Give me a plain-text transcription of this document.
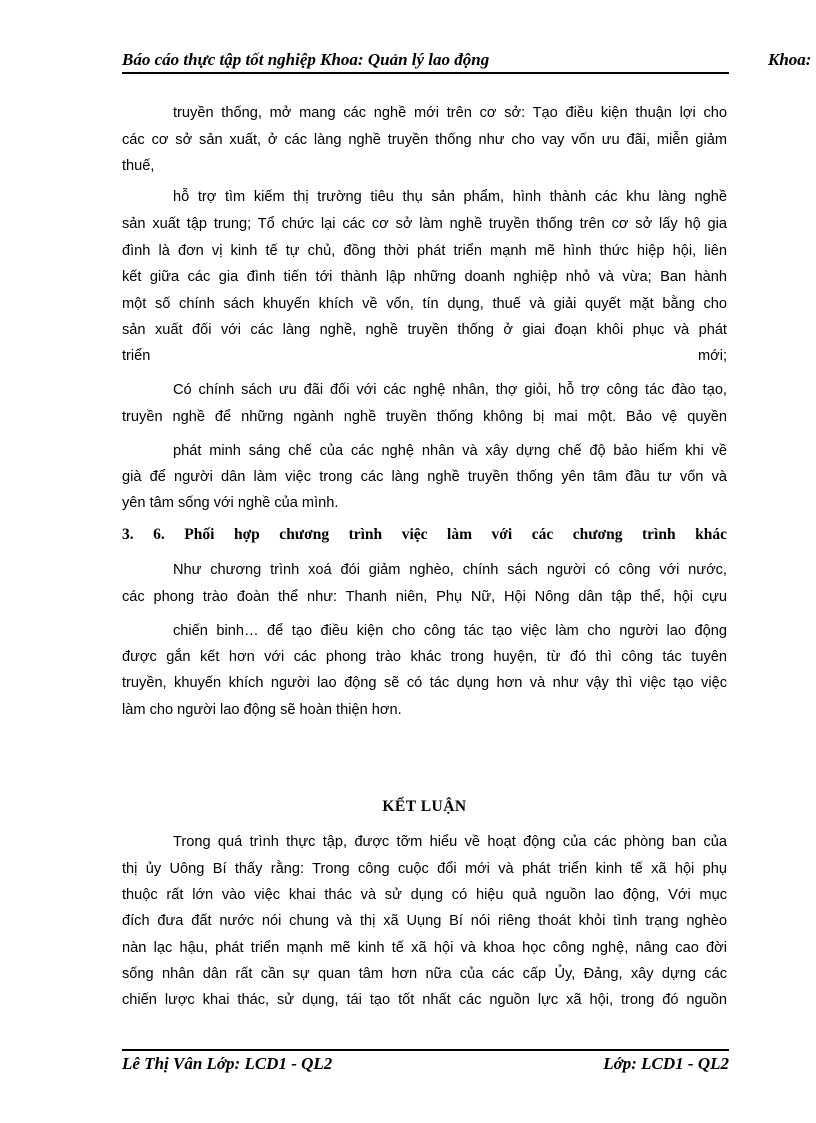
Báo cáo thực tập tốt nghiệp Khoa: Quản lý lao động	Khoa:
truyền thống, mở mang các nghề mới trên cơ sở: Tạo điều kiện thuận lợi cho
các cơ sở sản xuất, ở các làng nghề truyền thống như cho vay vốn ưu đãi, miễn giảm
thuế,
hỗ trợ tìm kiếm thị trường tiêu thụ sản phẩm, hình thành các khu làng nghề
sản xuất tập trung; Tổ chức lại các cơ sở làm nghề truyền thống trên cơ sở lấy hộ gia
đình là đơn vị kinh tế tự chủ, đồng thời phát triển mạnh mẽ hình thức hiệp hội, liên
kết giữa các gia đình tiến tới thành lập những doanh nghiệp nhỏ và vừa; Ban hành
một số chính sách khuyến khích về vốn, tín dụng, thuế và giải quyết mặt bằng cho
sản xuất đối với các làng nghề, nghề truyền thống ở giai đoạn khôi phục và phát
triển	mới;
Có chính sách ưu đãi đối với các nghệ nhân, thợ giỏi, hỗ trợ công tác đào tạo,
truyền nghề để những ngành nghề truyền thống không bị mai một. Bảo vệ quyền
phát minh sáng chế của các nghệ nhân và xây dựng chế độ bảo hiểm khi về
già để người dân làm việc trong các làng nghề truyền thống yên tâm đầu tư vốn và
yên tâm sống với nghề của mình.
3. 6. Phối hợp chương trình việc làm với các chương trình khác
Như chương trình xoá đói giảm nghèo, chính sách người có công với nước,
các phong trào đoàn thể như: Thanh niên, Phụ Nữ, Hội Nông dân tập thể, hội cựu
chiến binh… để tạo điều kiện cho công tác tạo việc làm cho người lao động
được gắn kết hơn với các phong trào khác trong huyện, từ đó thì công tác tuyên
truyền, khuyến khích người lao động sẽ có tác dụng hơn và như vậy thì việc tạo việc
làm cho người lao động sẽ hoàn thiện hơn.
KẾT LUẬN
Trong quá trình thực tập, được tỡm hiểu về hoạt động của các phòng ban của
thị ủy Uông Bí thấy rằng: Trong công cuộc đổi mới và phát triển kinh tế xã hội phụ
thuộc rất lớn vào việc khai thác và sử dụng có hiệu quả nguồn lao động, Với mục
đích đưa đất nước nói chung và thị xã Uụng Bí nói riêng thoát khỏi tình trạng nghèo
nàn lạc hậu, phát triển mạnh mẽ kinh tế xã hội và khoa học công nghệ, nâng cao đời
sống nhân dân rất cần sự quan tâm hơn nữa của các cấp Ủy, Đảng, xây dựng các
chiến lược khai thác, sử dụng, tái tạo tốt nhất các nguồn lực xã hội, trong đó nguồn
Lê Thị Vân Lớp: LCD1 - QL2	Lớp: LCD1 - QL2
